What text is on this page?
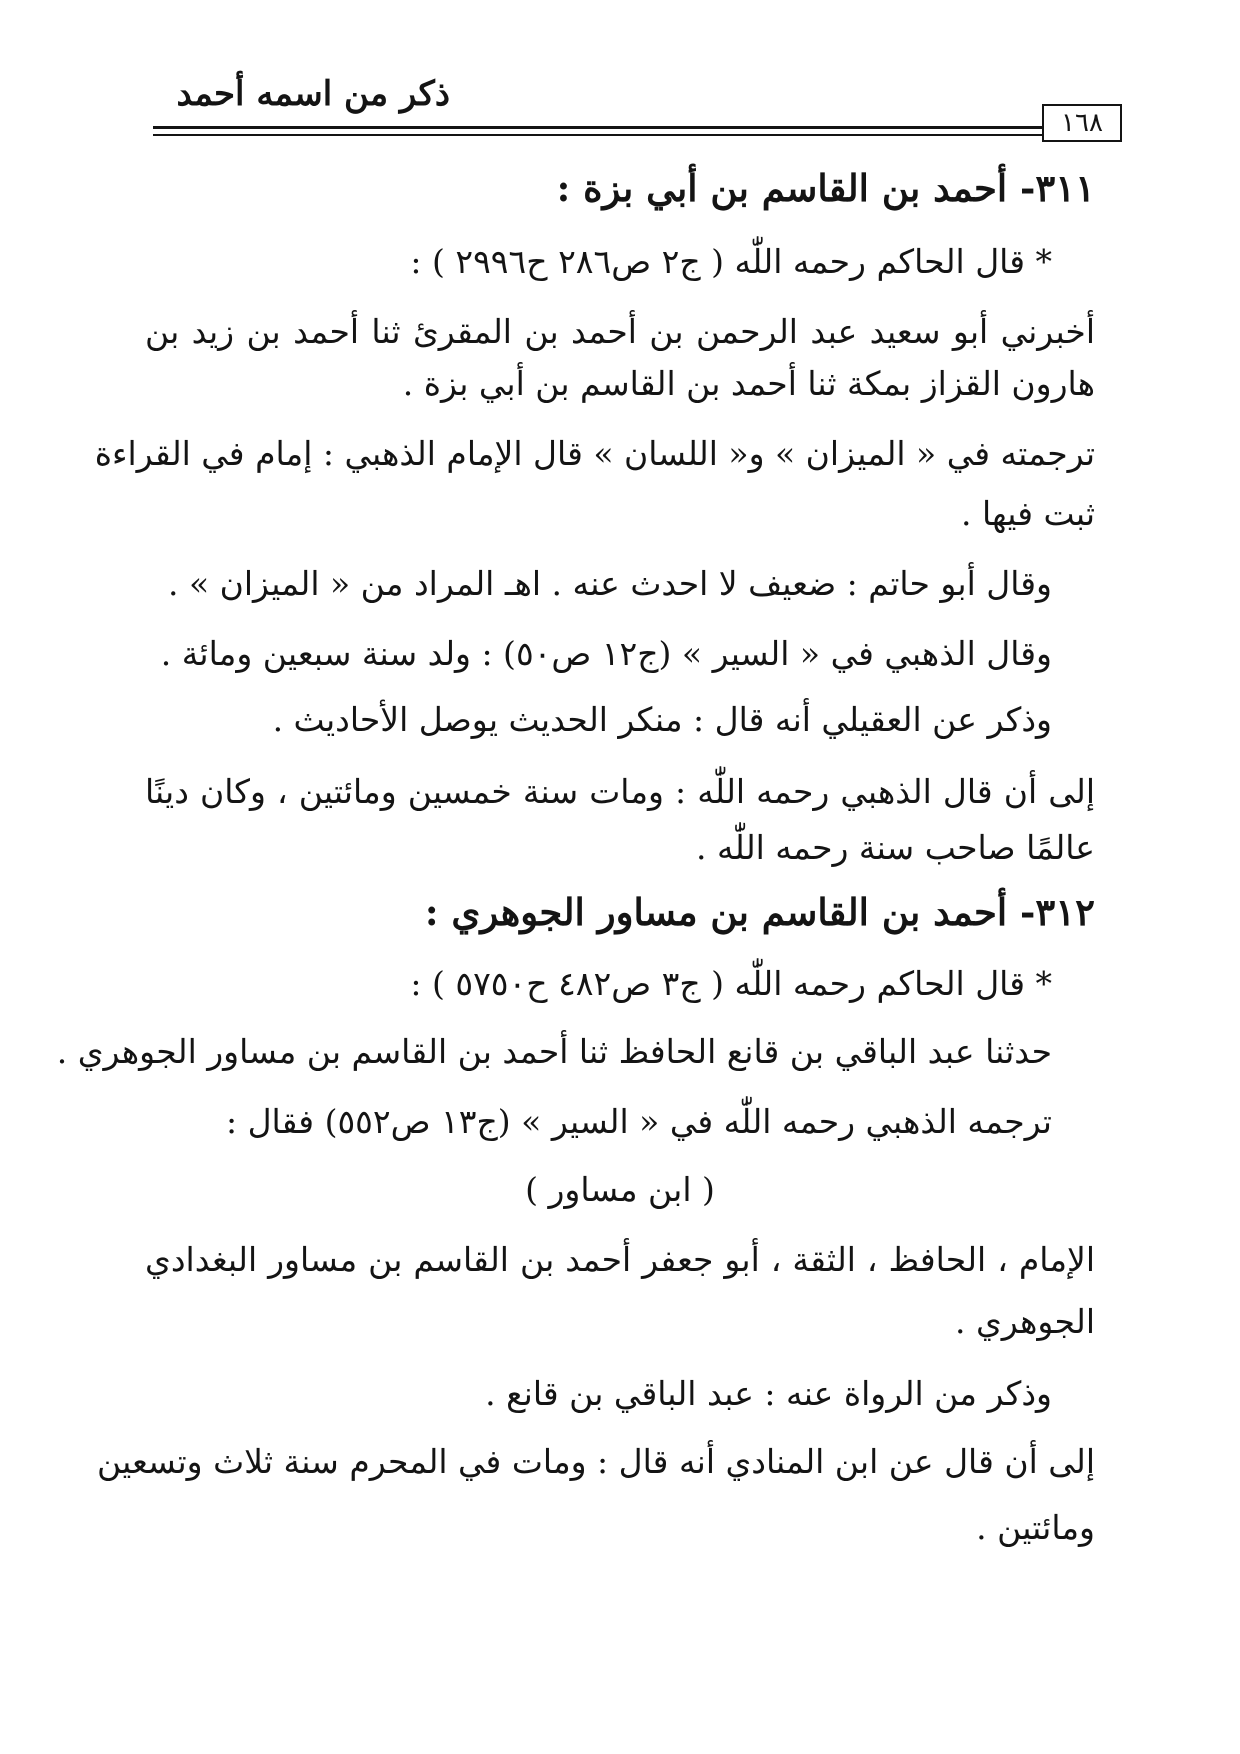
ذكر من اسمه أحمد
١٦٨
٣١١- أحمد بن القاسم بن أبي بزة :
* قال الحاكم رحمه اللّٰه ( ج٢ ص٢٨٦ ح٢٩٩٦ ) :
أخبرني أبو سعيد عبد الرحمن بن أحمد بن المقرئ ثنا أحمد بن زيد بن
هارون القزاز بمكة ثنا أحمد بن القاسم بن أبي بزة .
ترجمته في « الميزان » و« اللسان » قال الإمام الذهبي : إمام في القراءة
ثبت فيها .
وقال أبو حاتم : ضعيف لا احدث عنه . اهـ المراد من « الميزان » .
وقال الذهبي في « السير » (ج١٢ ص٥٠) : ولد سنة سبعين ومائة .
وذكر عن العقيلي أنه قال : منكر الحديث يوصل الأحاديث .
إلى أن قال الذهبي رحمه اللّٰه : ومات سنة خمسين ومائتين ، وكان دينًا
عالمًا صاحب سنة رحمه اللّٰه .
٣١٢- أحمد بن القاسم بن مساور الجوهري :
* قال الحاكم رحمه اللّٰه ( ج٣ ص٤٨٢ ح٥٧٥٠ ) :
حدثنا عبد الباقي بن قانع الحافظ ثنا أحمد بن القاسم بن مساور الجوهري .
ترجمه الذهبي رحمه اللّٰه في « السير » (ج١٣ ص٥٥٢) فقال :
( ابن مساور )
الإمام ، الحافظ ، الثقة ، أبو جعفر أحمد بن القاسم بن مساور البغدادي
الجوهري .
وذكر من الرواة عنه : عبد الباقي بن قانع .
إلى أن قال عن ابن المنادي أنه قال : ومات في المحرم سنة ثلاث وتسعين
ومائتين .
